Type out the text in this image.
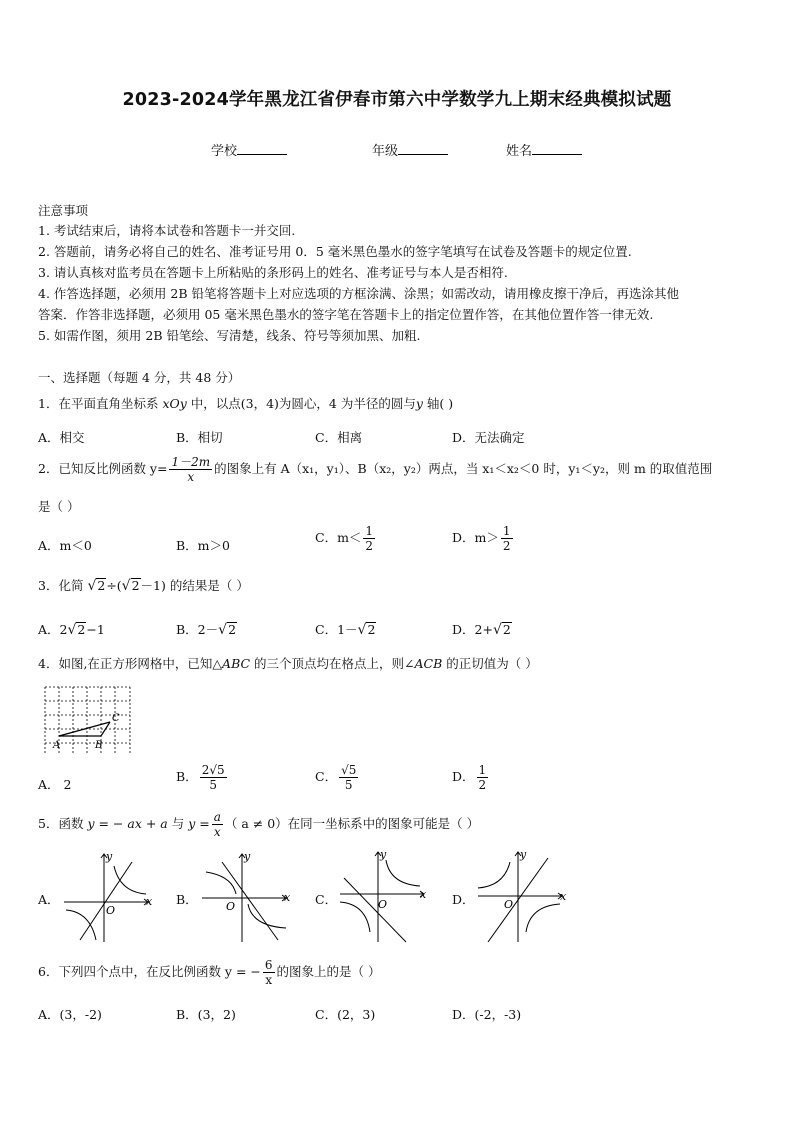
2023-2024学年黑龙江省伊春市第六中学数学九上期末经典模拟试题
学校	年级	姓名
注意事项
1. 考试结束后，请将本试卷和答题卡一并交回.
2. 答题前，请务必将自己的姓名、准考证号用 0．5 毫米黑色墨水的签字笔填写在试卷及答题卡的规定位置.
3. 请认真核对监考员在答题卡上所粘贴的条形码上的姓名、准考证号与本人是否相符.
4. 作答选择题，必须用 2B 铅笔将答题卡上对应选项的方框涂满、涂黑；如需改动，请用橡皮擦干净后，再选涂其他
答案．作答非选择题，必须用 05 毫米黑色墨水的签字笔在答题卡上的指定位置作答，在其他位置作答一律无效.
5. 如需作图，须用 2B 铅笔绘、写清楚，线条、符号等须加黑、加粗.
一、选择题（每题 4 分，共 48 分）
1．在平面直角坐标系 xOy 中，以点(3，4)为圆心，4 为半径的圆与y 轴( )
A．相交	B．相切	C．相离	D．无法确定
2．已知反比例函数 $y= \frac{1-2m}{x}$ 的图象上有 A（x₁，y₁）、B（x₂，y₂）两点，当 x₁＜x₂＜0 时，y₁＜y₂，则 m 的取值范围
是（ ）
A．m＜0	B．m＞0
C．$m< \frac{1}{2}$	D．$m> \frac{1}{2}$
3．化简 √2÷(√2－1) 的结果是（ ）
A．2√2−1	B．2－√2	C．1－√2	D．2+√2
4．如图,在正方形网格中，已知△ABC 的三个顶点均在格点上，则∠ACB 的正切值为（ ）
A	B
C
A． 2
B． $\frac{2√5}{5}$	C． $\frac{√5}{5}$	D． $\frac{1}{2}$
5．函数 y = − ax + a 与 $y = \frac{a}{x}$ （ a ≠ 0）在同一坐标系中的图象可能是（ ）
A．
y
x
O
B．
y
x
O	C．
y
x
O	D．
y
x
O
6．下列四个点中，在反比例函数 y = − $\frac{6}{x}$ 的图象上的是（ ）
A．(3，-2)	B．(3，2)	C．(2，3)	D．(-2，-3)
